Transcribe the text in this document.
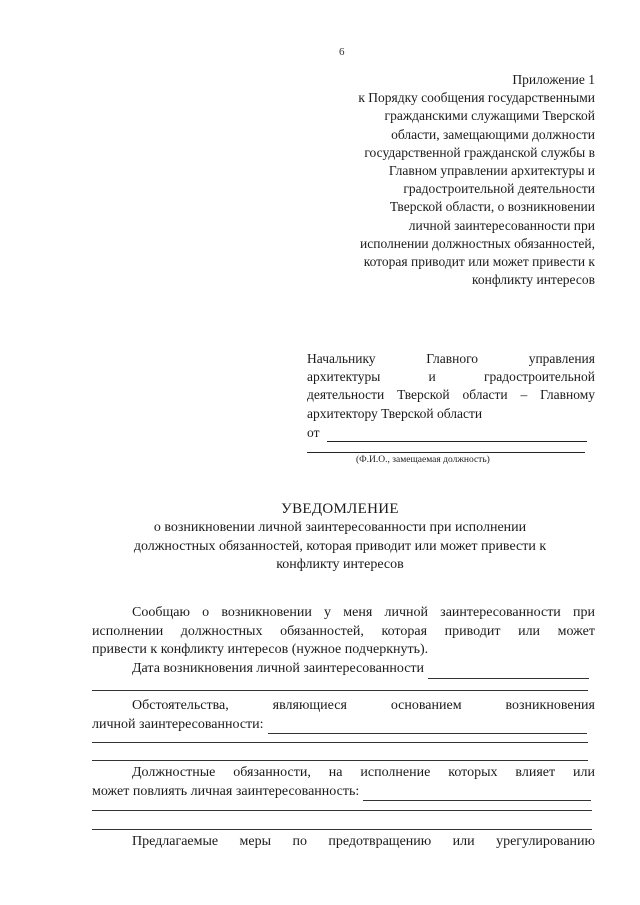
6
Приложение 1
к Порядку сообщения государственными
гражданскими служащими Тверской
области, замещающими должности
государственной гражданской службы в
Главном управлении архитектуры и
градостроительной деятельности
Тверской области, о возникновении
личной заинтересованности при
исполнении должностных обязанностей,
которая приводит или может привести к
конфликту интересов
Начальнику Главного управления
архитектуры и градостроительной
деятельности Тверской области – Главному
архитектору Тверской области
от
(Ф.И.О., замещаемая должность)
УВЕДОМЛЕНИЕ
о возникновении личной заинтересованности при исполнении
должностных обязанностей, которая приводит или может привести к
конфликту интересов
Сообщаю о возникновении у меня личной заинтересованности при
исполнении должностных обязанностей, которая приводит или может
привести к конфликту интересов (нужное подчеркнуть).
Дата возникновения личной заинтересованности
Обстоятельства, являющиеся основанием возникновения
личной заинтересованности:
Должностные обязанности, на исполнение которых влияет или
может повлиять личная заинтересованность:
Предлагаемые меры по предотвращению или урегулированию
